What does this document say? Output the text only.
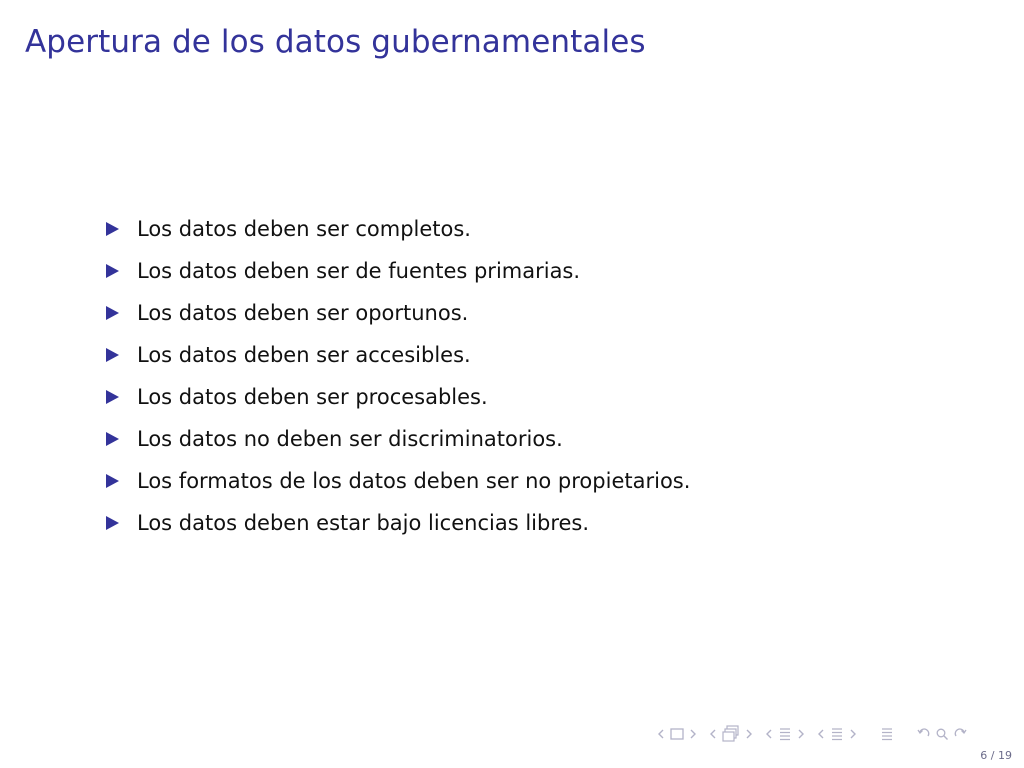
Apertura de los datos gubernamentales
Los datos deben ser completos.
Los datos deben ser de fuentes primarias.
Los datos deben ser oportunos.
Los datos deben ser accesibles.
Los datos deben ser procesables.
Los datos no deben ser discriminatorios.
Los formatos de los datos deben ser no propietarios.
Los datos deben estar bajo licencias libres.
6 / 19
